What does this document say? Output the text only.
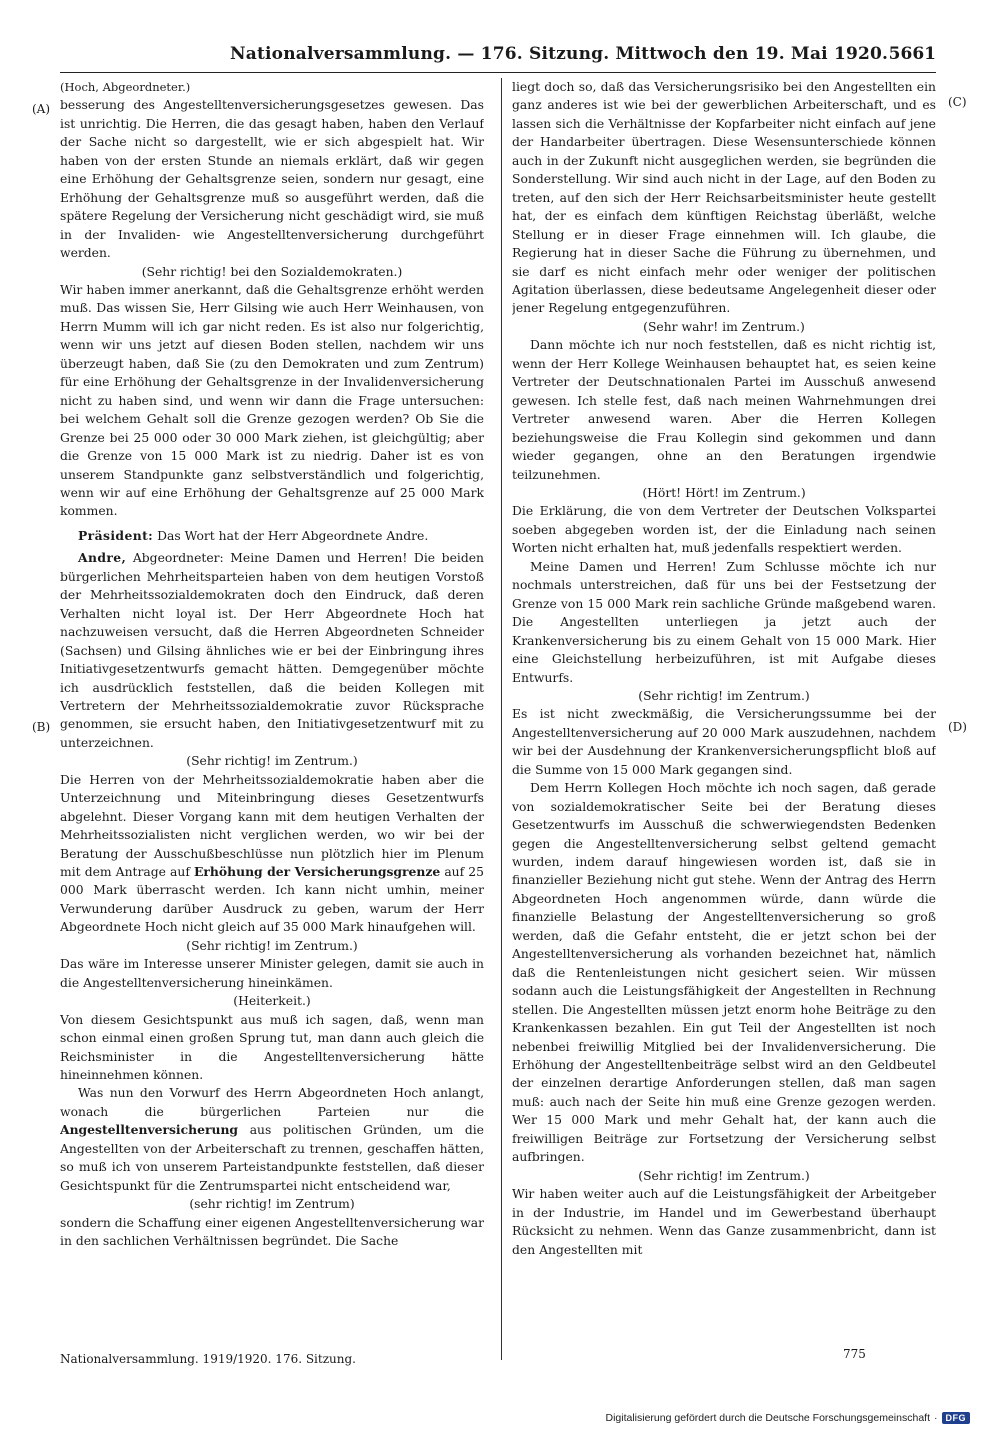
Nationalversammlung. — 176. Sitzung. Mittwoch den 19. Mai 1920. 5661
(A)
(B)
(C)
(D)

(Hoch, Abgeordneter.)

besserung des Angestelltenversicherungsgesetzes gewesen. Das ist unrichtig. Die Herren, die das gesagt haben, haben den Verlauf der Sache nicht so dargestellt, wie er sich abgespielt hat. Wir haben von der ersten Stunde an niemals erklärt, daß wir gegen eine Erhöhung der Gehaltsgrenze seien, sondern nur gesagt, eine Erhöhung der Gehaltsgrenze muß so ausgeführt werden, daß die spätere Regelung der Versicherung nicht geschädigt wird, sie muß in der Invaliden- wie Angestelltenversicherung durchgeführt werden.

(Sehr richtig! bei den Sozialdemokraten.)

Wir haben immer anerkannt, daß die Gehaltsgrenze erhöht werden muß. Das wissen Sie, Herr Gilsing wie auch Herr Weinhausen, von Herrn Mumm will ich gar nicht reden. Es ist also nur folgerichtig, wenn wir uns jetzt auf diesen Boden stellen, nachdem wir uns überzeugt haben, daß Sie (zu den Demokraten und zum Zentrum) für eine Erhöhung der Gehaltsgrenze in der Invalidenversicherung nicht zu haben sind, und wenn wir dann die Frage untersuchen: bei welchem Gehalt soll die Grenze gezogen werden? Ob Sie die Grenze bei 25 000 oder 30 000 Mark ziehen, ist gleichgültig; aber die Grenze von 15 000 Mark ist zu niedrig. Daher ist es von unserem Standpunkte ganz selbstverständlich und folgerichtig, wenn wir auf eine Erhöhung der Gehaltsgrenze auf 25 000 Mark kommen.

Präsident: Das Wort hat der Herr Abgeordnete Andre.

Andre, Abgeordneter: Meine Damen und Herren! Die beiden bürgerlichen Mehrheitsparteien haben von dem heutigen Vorstoß der Mehrheitssozialdemokraten doch den Eindruck, daß deren Verhalten nicht loyal ist. Der Herr Abgeordnete Hoch hat nachzuweisen versucht, daß die Herren Abgeordneten Schneider (Sachsen) und Gilsing ähnliches wie er bei der Einbringung ihres Initiativgesetzentwurfs gemacht hätten. Demgegenüber möchte ich ausdrücklich feststellen, daß die beiden Kollegen mit Vertretern der Mehrheitssozialdemokratie zuvor Rücksprache genommen, sie ersucht haben, den Initiativgesetzentwurf mit zu unterzeichnen.

(Sehr richtig! im Zentrum.)

Die Herren von der Mehrheitssozialdemokratie haben aber die Unterzeichnung und Miteinbringung dieses Gesetzentwurfs abgelehnt. Dieser Vorgang kann mit dem heutigen Verhalten der Mehrheitssozialisten nicht verglichen werden, wo wir bei der Beratung der Ausschußbeschlüsse nun plötzlich hier im Plenum mit dem Antrage auf Erhöhung der Versicherungsgrenze auf 25 000 Mark überrascht werden. Ich kann nicht umhin, meiner Verwunderung darüber Ausdruck zu geben, warum der Herr Abgeordnete Hoch nicht gleich auf 35 000 Mark hinaufgehen will.

(Sehr richtig! im Zentrum.)

Das wäre im Interesse unserer Minister gelegen, damit sie auch in die Angestelltenversicherung hineinkämen.

(Heiterkeit.)

Von diesem Gesichtspunkt aus muß ich sagen, daß, wenn man schon einmal einen großen Sprung tut, man dann auch gleich die Reichsminister in die Angestelltenversicherung hätte hineinnehmen können.

Was nun den Vorwurf des Herrn Abgeordneten Hoch anlangt, wonach die bürgerlichen Parteien nur die Angestelltenversicherung aus politischen Gründen, um die Angestellten von der Arbeiterschaft zu trennen, geschaffen hätten, so muß ich von unserem Parteistandpunkte feststellen, daß dieser Gesichtspunkt für die Zentrumspartei nicht entscheidend war,

(sehr richtig! im Zentrum)

sondern die Schaffung einer eigenen Angestelltenversicherung war in den sachlichen Verhältnissen begründet. Die Sache

liegt doch so, daß das Versicherungsrisiko bei den Angestellten ein ganz anderes ist wie bei der gewerblichen Arbeiterschaft, und es lassen sich die Verhältnisse der Kopfarbeiter nicht einfach auf jene der Handarbeiter übertragen. Diese Wesensunterschiede können auch in der Zukunft nicht ausgeglichen werden, sie begründen die Sonderstellung. Wir sind auch nicht in der Lage, auf den Boden zu treten, auf den sich der Herr Reichsarbeitsminister heute gestellt hat, der es einfach dem künftigen Reichstag überläßt, welche Stellung er in dieser Frage einnehmen will. Ich glaube, die Regierung hat in dieser Sache die Führung zu übernehmen, und sie darf es nicht einfach mehr oder weniger der politischen Agitation überlassen, diese bedeutsame Angelegenheit dieser oder jener Regelung entgegenzuführen.

(Sehr wahr! im Zentrum.)

Dann möchte ich nur noch feststellen, daß es nicht richtig ist, wenn der Herr Kollege Weinhausen behauptet hat, es seien keine Vertreter der Deutschnationalen Partei im Ausschuß anwesend gewesen. Ich stelle fest, daß nach meinen Wahrnehmungen drei Vertreter anwesend waren. Aber die Herren Kollegen beziehungsweise die Frau Kollegin sind gekommen und dann wieder gegangen, ohne an den Beratungen irgendwie teilzunehmen.

(Hört! Hört! im Zentrum.)

Die Erklärung, die von dem Vertreter der Deutschen Volkspartei soeben abgegeben worden ist, der die Einladung nach seinen Worten nicht erhalten hat, muß jedenfalls respektiert werden.

Meine Damen und Herren! Zum Schlusse möchte ich nur nochmals unterstreichen, daß für uns bei der Festsetzung der Grenze von 15 000 Mark rein sachliche Gründe maßgebend waren. Die Angestellten unterliegen ja jetzt auch der Krankenversicherung bis zu einem Gehalt von 15 000 Mark. Hier eine Gleichstellung herbeizuführen, ist mit Aufgabe dieses Entwurfs.

(Sehr richtig! im Zentrum.)

Es ist nicht zweckmäßig, die Versicherungssumme bei der Angestelltenversicherung auf 20 000 Mark auszudehnen, nachdem wir bei der Ausdehnung der Krankenversicherungspflicht bloß auf die Summe von 15 000 Mark gegangen sind.

Dem Herrn Kollegen Hoch möchte ich noch sagen, daß gerade von sozialdemokratischer Seite bei der Beratung dieses Gesetzentwurfs im Ausschuß die schwerwiegendsten Bedenken gegen die Angestelltenversicherung selbst geltend gemacht wurden, indem darauf hingewiesen worden ist, daß sie in finanzieller Beziehung nicht gut stehe. Wenn der Antrag des Herrn Abgeordneten Hoch angenommen würde, dann würde die finanzielle Belastung der Angestelltenversicherung so groß werden, daß die Gefahr entsteht, die er jetzt schon bei der Angestelltenversicherung als vorhanden bezeichnet hat, nämlich daß die Rentenleistungen nicht gesichert seien. Wir müssen sodann auch die Leistungsfähigkeit der Angestellten in Rechnung stellen. Die Angestellten müssen jetzt enorm hohe Beiträge zu den Krankenkassen bezahlen. Ein gut Teil der Angestellten ist noch nebenbei freiwillig Mitglied bei der Invalidenversicherung. Die Erhöhung der Angestelltenbeiträge selbst wird an den Geldbeutel der einzelnen derartige Anforderungen stellen, daß man sagen muß: auch nach der Seite hin muß eine Grenze gezogen werden. Wer 15 000 Mark und mehr Gehalt hat, der kann auch die freiwilligen Beiträge zur Fortsetzung der Versicherung selbst aufbringen.

(Sehr richtig! im Zentrum.)

Wir haben weiter auch auf die Leistungsfähigkeit der Arbeitgeber in der Industrie, im Handel und im Gewerbestand überhaupt Rücksicht zu nehmen. Wenn das Ganze zusammenbricht, dann ist den Angestellten mit

Nationalversammlung. 1919/1920. 176. Sitzung.	775
Digitalisierung gefördert durch die Deutsche Forschungsgemeinschaft · DFG
